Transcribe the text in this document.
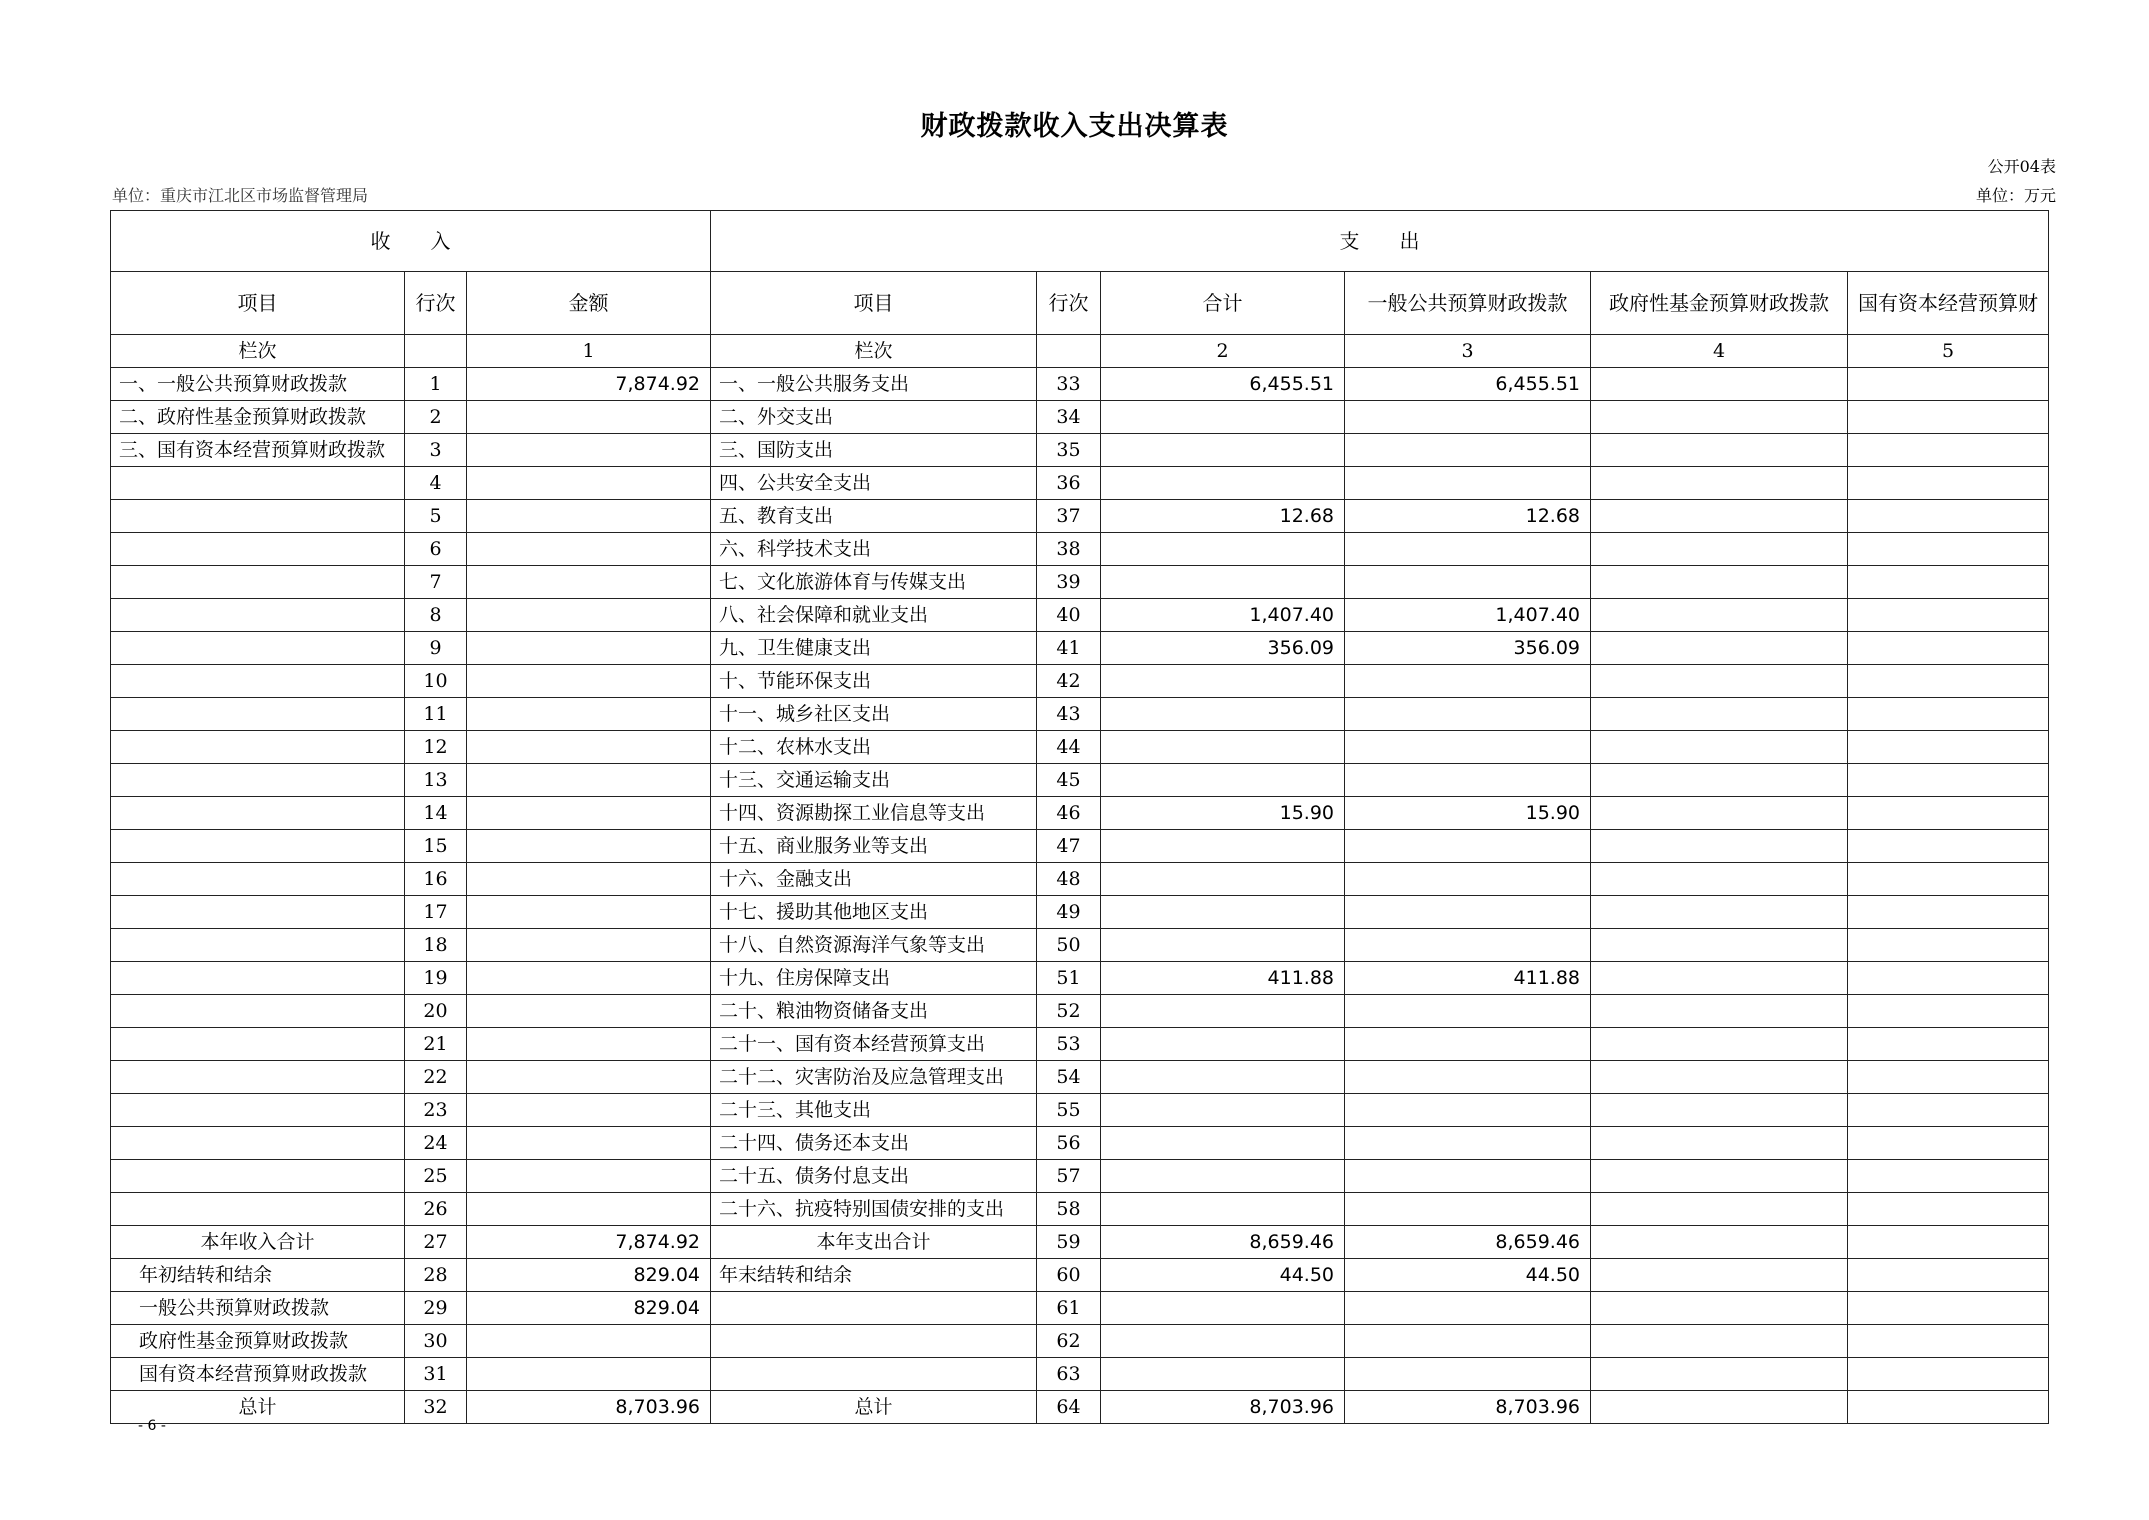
财政拨款收入支出决算表
公开04表
单位：重庆市江北区市场监督管理局	单位：万元
收　　入			支　　出					
项目	行次	金额	项目	行次	合计	一般公共预算财政拨款	政府性基金预算财政拨款	国有资本经营预算财
栏次		1	栏次		2	3	4	5
一、一般公共预算财政拨款	1	7,874.92	一、一般公共服务支出	33	6,455.51	6,455.51		
二、政府性基金预算财政拨款	2		二、外交支出	34				
三、国有资本经营预算财政拨款	3		三、国防支出	35				
	4		四、公共安全支出	36				
	5		五、教育支出	37	12.68	12.68		
	6		六、科学技术支出	38				
	7		七、文化旅游体育与传媒支出	39				
	8		八、社会保障和就业支出	40	1,407.40	1,407.40		
	9		九、卫生健康支出	41	356.09	356.09		
	10		十、节能环保支出	42				
	11		十一、城乡社区支出	43				
	12		十二、农林水支出	44				
	13		十三、交通运输支出	45				
	14		十四、资源勘探工业信息等支出	46	15.90	15.90		
	15		十五、商业服务业等支出	47				
	16		十六、金融支出	48				
	17		十七、援助其他地区支出	49				
	18		十八、自然资源海洋气象等支出	50				
	19		十九、住房保障支出	51	411.88	411.88		
	20		二十、粮油物资储备支出	52				
	21		二十一、国有资本经营预算支出	53				
	22		二十二、灾害防治及应急管理支出	54				
	23		二十三、其他支出	55				
	24		二十四、债务还本支出	56				
	25		二十五、债务付息支出	57				
	26		二十六、抗疫特别国债安排的支出	58				
本年收入合计	27	7,874.92	本年支出合计	59	8,659.46	8,659.46		
年初结转和结余	28	829.04	年末结转和结余	60	44.50	44.50		
一般公共预算财政拨款	29	829.04		61				
政府性基金预算财政拨款	30			62				
国有资本经营预算财政拨款	31			63				
总计	32	8,703.96	总计	64	8,703.96	8,703.96		
- 6 -
